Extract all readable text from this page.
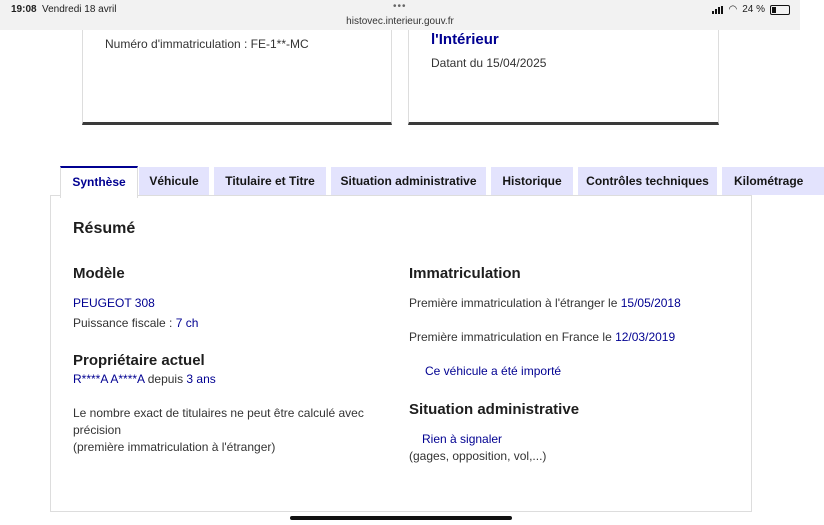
19:08 Vendredi 18 avril	•••
histovec.interieur.gouv.fr
◠ 24 %
Numéro d'immatriculation : FE-1**-MC	l'Intérieur
Datant du 15/04/2025
Synthèse	Véhicule	Titulaire et Titre	Situation administrative	Historique	Contrôles techniques	Kilométrage
Résumé
Modèle
PEUGEOT 308
Puissance fiscale : 7 ch
Propriétaire actuel
R****A A****A depuis 3 ans
Le nombre exact de titulaires ne peut être calculé avec
précision
(première immatriculation à l'étranger)
Immatriculation
Première immatriculation à l'étranger le 15/05/2018
Première immatriculation en France le 12/03/2019
Ce véhicule a été importé
Situation administrative
Rien à signaler
(gages, opposition, vol,...)
